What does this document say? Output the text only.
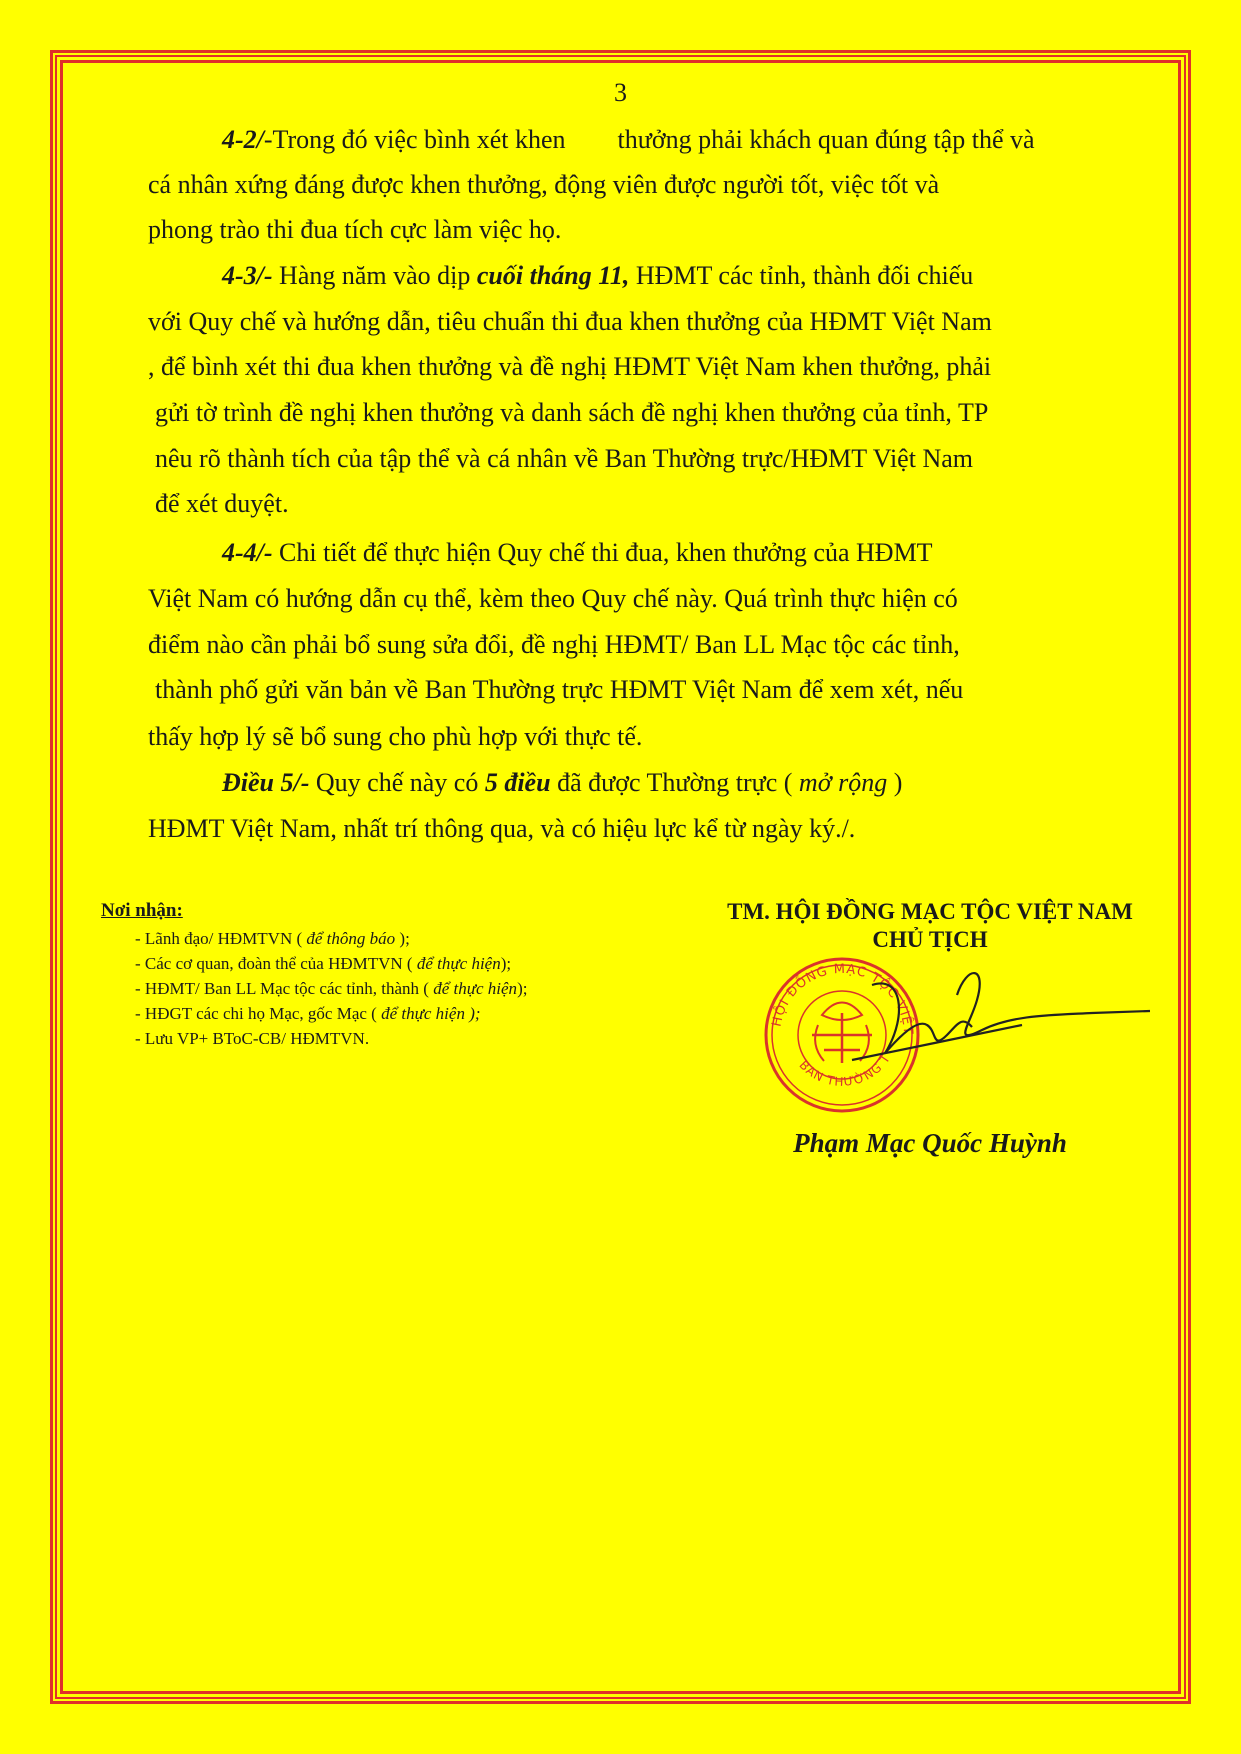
3
4-2/-Trong đó việc bình xét khen        thưởng phải khách quan đúng tập thể và
cá nhân xứng đáng được khen thưởng, động viên được người tốt, việc tốt và
phong trào thi đua tích cực làm việc họ.
4-3/- Hàng năm vào dịp cuối tháng 11, HĐMT các tỉnh, thành đối chiếu
với Quy chế và hướng dẫn, tiêu chuẩn thi đua khen thưởng của HĐMT Việt Nam
, để bình xét thi đua khen thưởng và đề nghị HĐMT Việt Nam khen thưởng, phải
gửi tờ trình đề nghị khen thưởng và danh sách đề nghị khen thưởng của tỉnh, TP
nêu rõ thành tích của tập thể và cá nhân về Ban Thường trực/HĐMT Việt Nam
để xét duyệt.
4-4/- Chi tiết để thực hiện Quy chế thi đua, khen thưởng của HĐMT
Việt Nam có hướng dẫn cụ thể, kèm theo Quy chế này. Quá trình thực hiện có
điểm nào cần phải bổ sung sửa đổi, đề nghị HĐMT/ Ban LL Mạc tộc các tỉnh,
thành phố gửi văn bản về Ban Thường trực HĐMT Việt Nam để xem xét, nếu
thấy hợp lý sẽ bổ sung cho phù hợp với thực tế.
Điều 5/- Quy chế này có 5 điều đã được Thường trực ( mở rộng )
HĐMT Việt Nam, nhất trí thông qua, và có hiệu lực kể từ ngày ký./.
Nơi nhận:
- Lãnh đạo/ HĐMTVN ( để thông báo );
- Các cơ quan, đoàn thể của HĐMTVN ( để thực hiện);
- HĐMT/ Ban LL Mạc tộc các tỉnh, thành ( để thực hiện);
- HĐGT các chi họ Mạc, gốc Mạc ( để thực hiện );
- Lưu VP+ BToC-CB/ HĐMTVN.
TM. HỘI ĐỒNG MẠC TỘC VIỆT NAM
CHỦ TỊCH
HỘI ĐỒNG MẠC TỘC VIỆT
BAN THƯỜNG T
Phạm Mạc Quốc Huỳnh
